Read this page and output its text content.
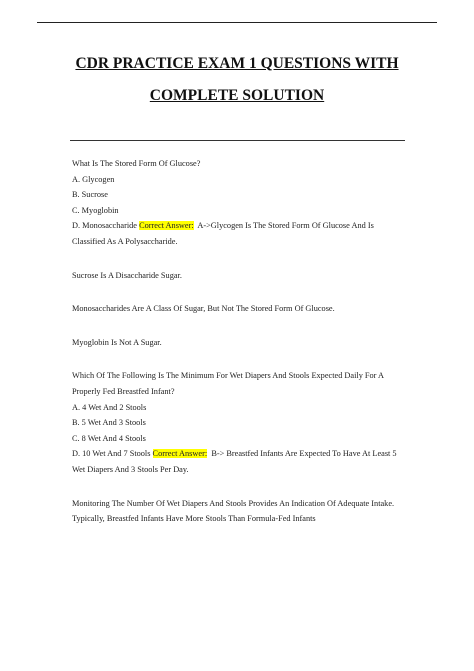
CDR PRACTICE EXAM 1 QUESTIONS WITH
COMPLETE SOLUTION

What Is The Stored Form Of Glucose?

A. Glycogen

B. Sucrose

C. Myoglobin

D. Monosaccharide Correct Answer: A->Glycogen Is The Stored Form Of Glucose And Is Classified As A Polysaccharide.

Sucrose Is A Disaccharide Sugar.

Monosaccharides Are A Class Of Sugar, But Not The Stored Form Of Glucose.

Myoglobin Is Not A Sugar.

Which Of The Following Is The Minimum For Wet Diapers And Stools Expected Daily For A Properly Fed Breastfed Infant?

A. 4 Wet And 2 Stools

B. 5 Wet And 3 Stools

C. 8 Wet And 4 Stools

D. 10 Wet And 7 Stools Correct Answer: B-> Breastfed Infants Are Expected To Have At Least 5 Wet Diapers And 3 Stools Per Day.

Monitoring The Number Of Wet Diapers And Stools Provides An Indication Of Adequate Intake. Typically, Breastfed Infants Have More Stools Than Formula-Fed Infants
